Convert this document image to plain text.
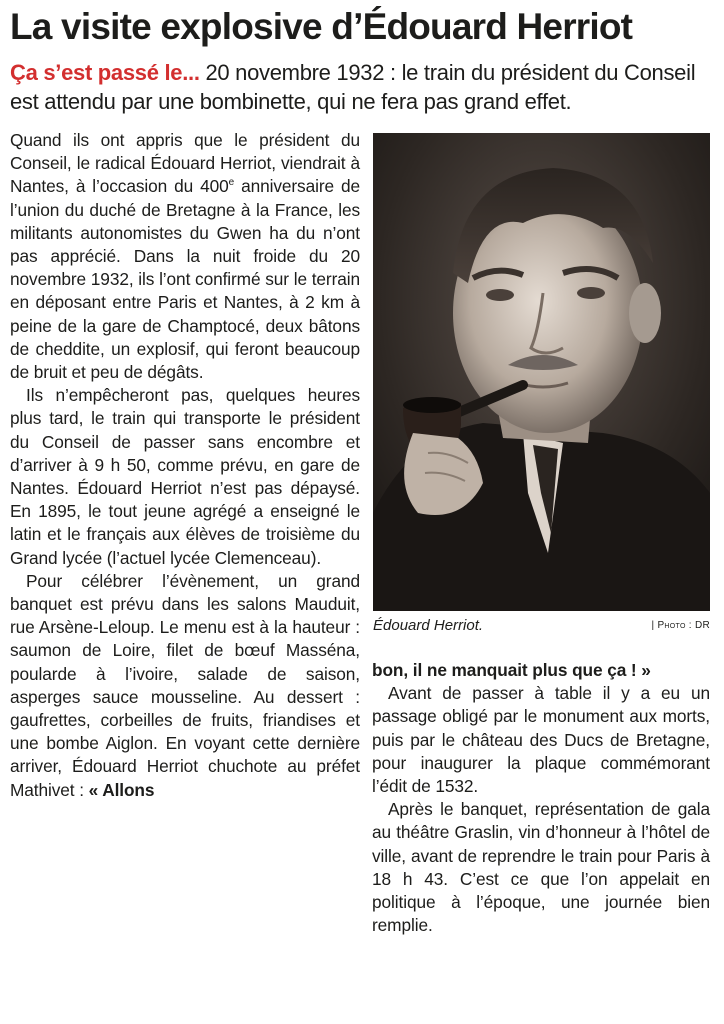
La visite explosive d’Édouard Herriot
Ça s’est passé le... 20 novembre 1932 : le train du président du Conseil est attendu par une bombinette, qui ne fera pas grand effet.

Quand ils ont appris que le président du Conseil, le radical Édouard Herriot, viendrait à Nantes, à l’occasion du 400e anniversaire de l’union du duché de Bretagne à la France, les militants autonomistes du Gwen ha du n’ont pas apprécié. Dans la nuit froide du 20 novembre 1932, ils l’ont confirmé sur le terrain en déposant entre Paris et Nantes, à 2 km à peine de la gare de Champtocé, deux bâtons de cheddite, un explosif, qui feront beaucoup de bruit et peu de dégâts.

Ils n’empêcheront pas, quelques heures plus tard, le train qui transporte le président du Conseil de passer sans encombre et d’arriver à 9 h 50, comme prévu, en gare de Nantes. Édouard Herriot n’est pas dépaysé. En 1895, le tout jeune agrégé a enseigné le latin et le français aux élèves de troisième du Grand lycée (l’actuel lycée Clemenceau).

Pour célébrer l’évènement, un grand banquet est prévu dans les salons Mauduit, rue Arsène-Leloup. Le menu est à la hauteur : saumon de Loire, filet de bœuf Masséna, poularde à l’ivoire, salade de saison, asperges sauce mousseline. Au dessert : gaufrettes, corbeilles de fruits, friandises et une bombe Aiglon. En voyant cette dernière arriver, Édouard Herriot chuchote au préfet Mathivet : « Allons

Édouard Herriot.	| Photo : DR

bon, il ne manquait plus que ça ! »

Avant de passer à table il y a eu un passage obligé par le monument aux morts, puis par le château des Ducs de Bretagne, pour inaugurer la plaque commémorant l’édit de 1532.

Après le banquet, représentation de gala au théâtre Graslin, vin d’honneur à l’hôtel de ville, avant de reprendre le train pour Paris à 18 h 43. C’est ce que l’on appelait en politique à l’époque, une journée bien remplie.
